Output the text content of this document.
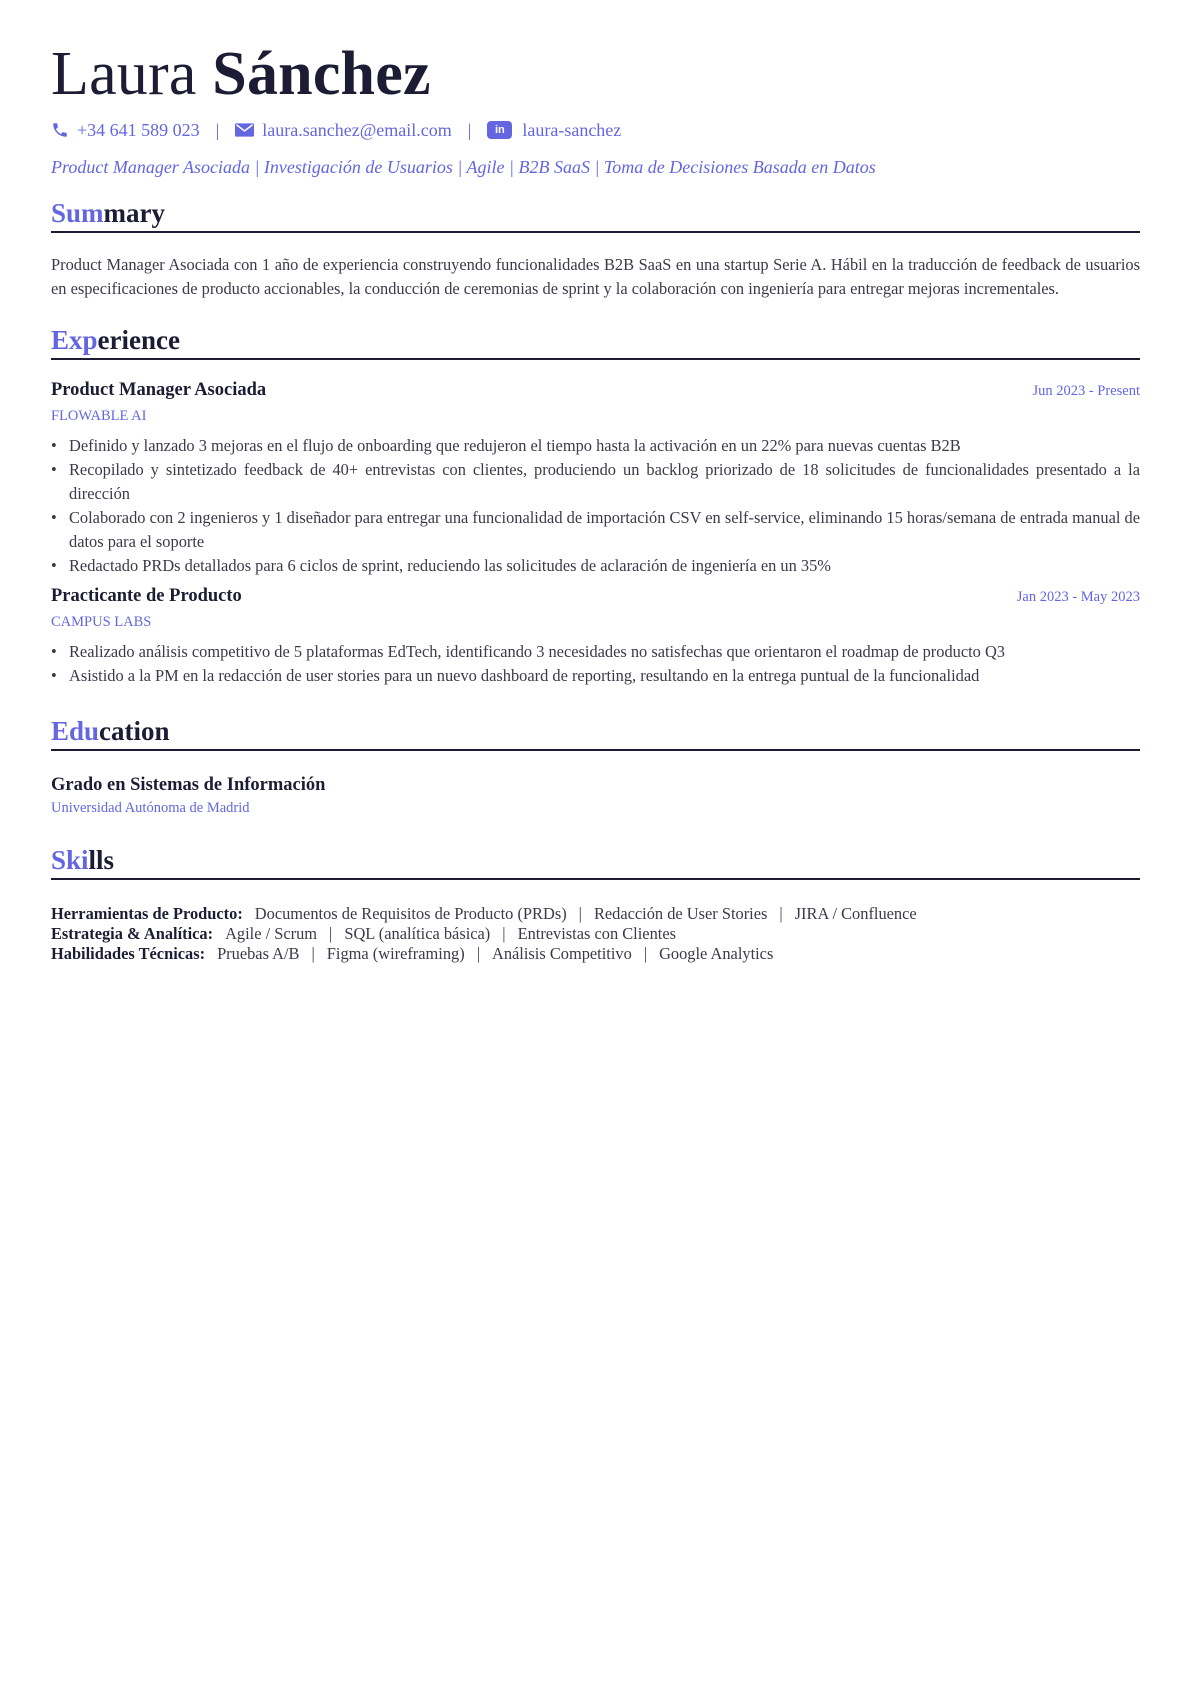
Laura Sánchez
+34 641 589 023 | laura.sanchez@email.com |	in laura-sanchez
Product Manager Asociada | Investigación de Usuarios | Agile | B2B SaaS | Toma de Decisiones Basada en Datos
Summary

Product Manager Asociada con 1 año de experiencia construyendo funcionalidades B2B SaaS en una startup Serie A. Hábil en la traducción de feedback de usuarios en especificaciones de producto accionables, la conducción de ceremonias de sprint y la colaboración con ingeniería para entregar mejoras incrementales.

Experience
Product Manager Asociada	Jun 2023 - Present
FLOWABLE AI
• Definido y lanzado 3 mejoras en el flujo de onboarding que redujeron el tiempo hasta la activación en un 22% para nuevas cuentas B2B
• Recopilado y sintetizado feedback de 40+ entrevistas con clientes, produciendo un backlog priorizado de 18 solicitudes de funcionalidades presentado a la dirección
• Colaborado con 2 ingenieros y 1 diseñador para entregar una funcionalidad de importación CSV en self-service, eliminando 15 horas/semana de entrada manual de datos para el soporte
• Redactado PRDs detallados para 6 ciclos de sprint, reduciendo las solicitudes de aclaración de ingeniería en un 35%
Practicante de Producto	Jan 2023 - May 2023
CAMPUS LABS
• Realizado análisis competitivo de 5 plataformas EdTech, identificando 3 necesidades no satisfechas que orientaron el roadmap de producto Q3
• Asistido a la PM en la redacción de user stories para un nuevo dashboard de reporting, resultando en la entrega puntual de la funcionalidad
Education
Grado en Sistemas de Información
Universidad Autónoma de Madrid
Skills
Herramientas de Producto: Documentos de Requisitos de Producto (PRDs) | Redacción de User Stories | JIRA / Confluence
Estrategia & Analítica: Agile / Scrum | SQL (analítica básica) | Entrevistas con Clientes
Habilidades Técnicas: Pruebas A/B | Figma (wireframing) | Análisis Competitivo | Google Analytics
